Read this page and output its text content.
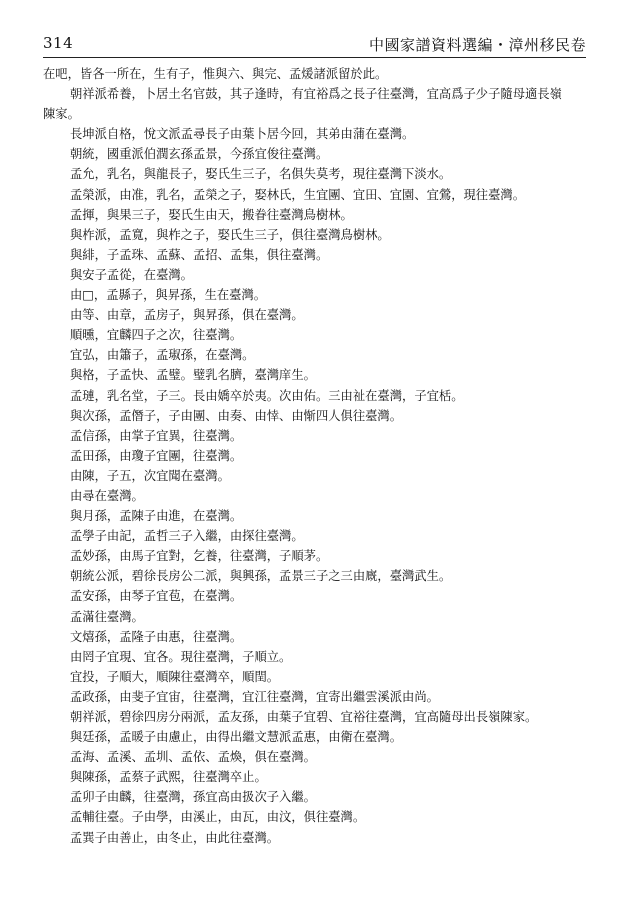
314	中國家譜資料選編・漳州移民卷
在吧，皆各一所在，生有子，惟與六、與完、孟煖諸派留於此。
朝祥派希養，卜居土名官鼓，其子逢時，有宜裕爲之長子往臺灣，宜高爲子少子隨母適長嶺
陳家。
長坤派自格，悅文派孟尋長子由葉卜居今回，其弟由蒲在臺灣。
朝統，國重派伯潤玄孫孟景，今孫宜俊往臺灣。
孟允，乳名，與龍長子，娶氏生三子，名俱失莫考，現往臺灣下淡水。
孟榮派，由准，乳名，孟榮之子，娶林氏，生宜團、宜田、宜園、宜鶯，現往臺灣。
孟揮，與果三子，娶氏生由天，搬眷往臺灣鳥樹林。
與柞派，孟寬，與柞之子，娶氏生三子，俱往臺灣鳥樹林。
與緋，子孟珠、孟蘇、孟招、孟集，俱往臺灣。
與安子孟從，在臺灣。
由□，孟縣子，與昇孫，生在臺灣。
由等、由章，孟房子，與昇孫，俱在臺灣。
順曛，宜麟四子之次，往臺灣。
宜弘，由簫子，孟琡孫，在臺灣。
與格，子孟快、孟璧。璧乳名臍，臺灣庠生。
孟璉，乳名堂，子三。長由嬌卒於夷。次由佑。三由祉在臺灣，子宜栝。
與次孫，孟僭子，子由團、由奏、由悻、由惭四人俱往臺灣。
孟信孫，由掌子宜異，往臺灣。
孟田孫，由瓊子宜團，往臺灣。
由陳，子五，次宜聞在臺灣。
由尋在臺灣。
與月孫，孟陳子由進，在臺灣。
孟學子由記，孟哲三子入繼，由探往臺灣。
孟妙孫，由馬子宜對，乞養，往臺灣，子順茅。
朝統公派，碧徐長房公二派，與興孫，孟景三子之三由廐，臺灣武生。
孟安孫，由琴子宜苞，在臺灣。
孟滿往臺灣。
文熺孫，孟隆子由惠，往臺灣。
由罔子宜現、宜各。現往臺灣，子順立。
宜投，子順大，順陳往臺灣卒，順閏。
孟政孫，由斐子宜宙，往臺灣，宜江往臺灣，宜寄出繼雲溪派由尚。
朝祥派，碧徐四房分兩派，孟友孫，由葉子宜碧、宜裕往臺灣，宜高隨母出長嶺陳家。
與廷孫，孟暖子由慮止，由得出繼文慧派孟惠，由衛在臺灣。
孟海、孟溪、孟圳、孟依、孟煥，俱在臺灣。
與陳孫，孟蔡子武熙，往臺灣卒止。
孟卯子由麟，往臺灣，孫宜高由扱次子入繼。
孟輔往臺。子由學，由溪止，由瓦，由汶，俱往臺灣。
孟巽子由善止，由冬止，由此往臺灣。
